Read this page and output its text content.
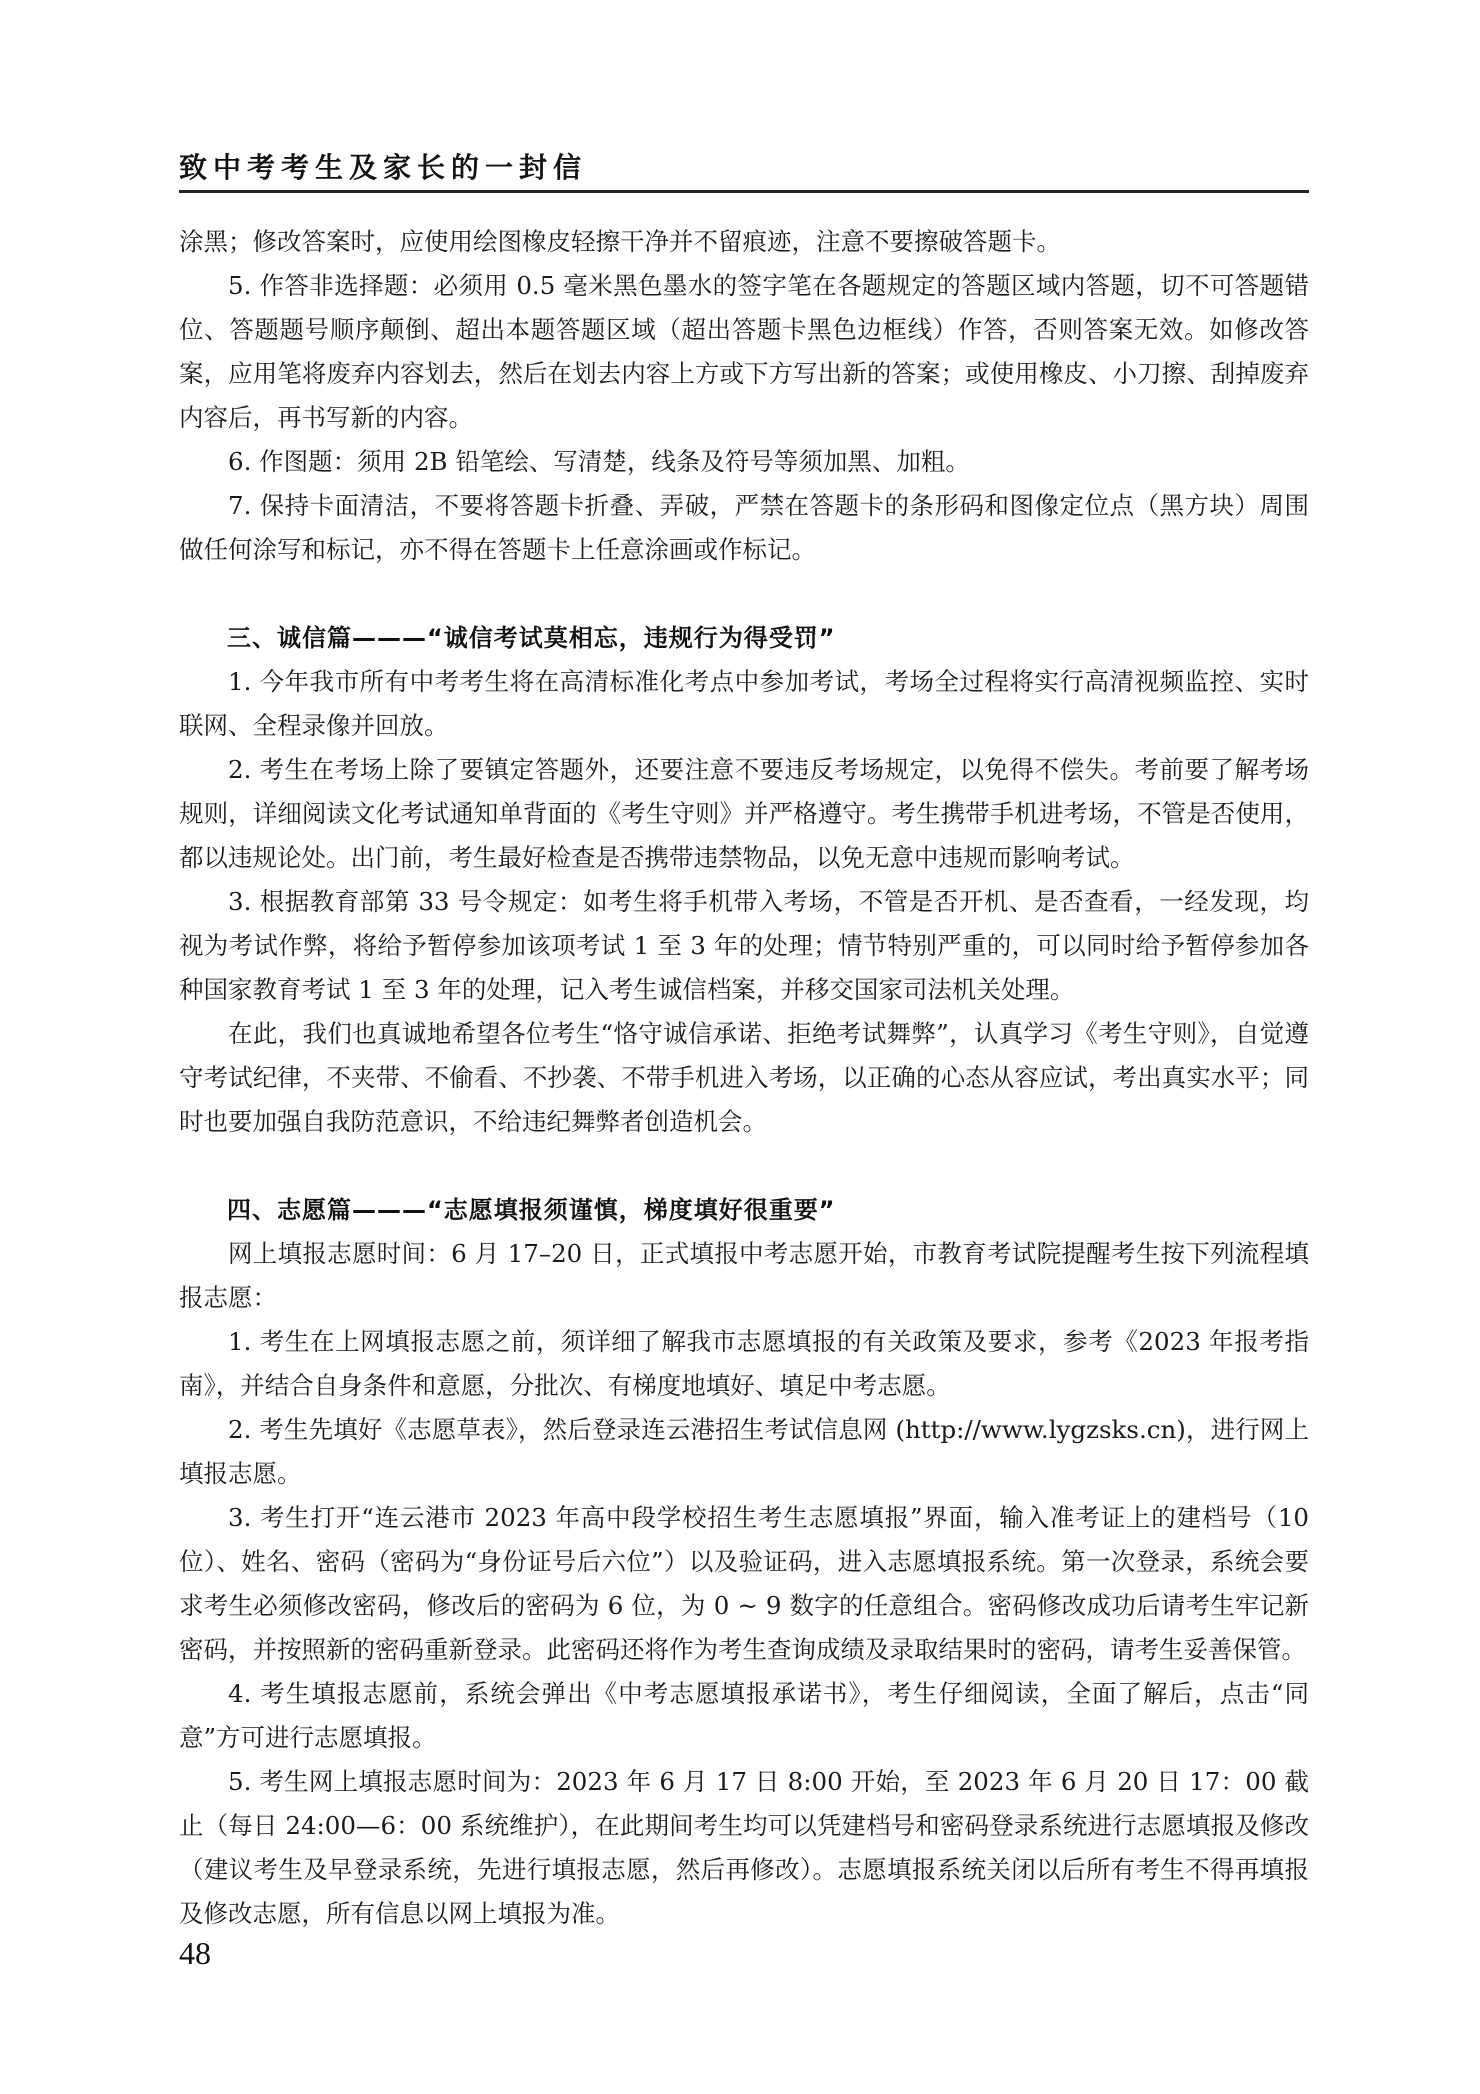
致中考考生及家长的一封信

涂黑；修改答案时，应使用绘图橡皮轻擦干净并不留痕迹，注意不要擦破答题卡。

5. 作答非选择题：必须用 0.5 毫米黑色墨水的签字笔在各题规定的答题区域内答题，切不可答题错位、答题题号顺序颠倒、超出本题答题区域（超出答题卡黑色边框线）作答，否则答案无效。如修改答案，应用笔将废弃内容划去，然后在划去内容上方或下方写出新的答案；或使用橡皮、小刀擦、刮掉废弃内容后，再书写新的内容。

6. 作图题：须用 2B 铅笔绘、写清楚，线条及符号等须加黑、加粗。

7. 保持卡面清洁，不要将答题卡折叠、弄破，严禁在答题卡的条形码和图像定位点（黑方块）周围做任何涂写和标记，亦不得在答题卡上任意涂画或作标记。

三、诚信篇———“诚信考试莫相忘，违规行为得受罚”

1. 今年我市所有中考考生将在高清标准化考点中参加考试，考场全过程将实行高清视频监控、实时联网、全程录像并回放。

2. 考生在考场上除了要镇定答题外，还要注意不要违反考场规定，以免得不偿失。考前要了解考场规则，详细阅读文化考试通知单背面的《考生守则》并严格遵守。考生携带手机进考场，不管是否使用，都以违规论处。出门前，考生最好检查是否携带违禁物品，以免无意中违规而影响考试。

3. 根据教育部第 33 号令规定：如考生将手机带入考场，不管是否开机、是否查看，一经发现，均视为考试作弊，将给予暂停参加该项考试 1 至 3 年的处理；情节特别严重的，可以同时给予暂停参加各种国家教育考试 1 至 3 年的处理，记入考生诚信档案，并移交国家司法机关处理。

在此，我们也真诚地希望各位考生“恪守诚信承诺、拒绝考试舞弊”，认真学习《考生守则》，自觉遵守考试纪律，不夹带、不偷看、不抄袭、不带手机进入考场，以正确的心态从容应试，考出真实水平；同时也要加强自我防范意识，不给违纪舞弊者创造机会。

四、志愿篇———“志愿填报须谨慎，梯度填好很重要”

网上填报志愿时间：6 月 17–20 日，正式填报中考志愿开始，市教育考试院提醒考生按下列流程填报志愿：

1. 考生在上网填报志愿之前，须详细了解我市志愿填报的有关政策及要求，参考《2023 年报考指南》，并结合自身条件和意愿，分批次、有梯度地填好、填足中考志愿。

2. 考生先填好《志愿草表》，然后登录连云港招生考试信息网 (http://www.lygzsks.cn)，进行网上填报志愿。

3. 考生打开“连云港市 2023 年高中段学校招生考生志愿填报”界面，输入准考证上的建档号（10 位）、姓名、密码（密码为“身份证号后六位”）以及验证码，进入志愿填报系统。第一次登录，系统会要求考生必须修改密码，修改后的密码为 6 位，为 0 ~ 9 数字的任意组合。密码修改成功后请考生牢记新密码，并按照新的密码重新登录。此密码还将作为考生查询成绩及录取结果时的密码，请考生妥善保管。

4. 考生填报志愿前，系统会弹出《中考志愿填报承诺书》，考生仔细阅读，全面了解后，点击“同意”方可进行志愿填报。

5. 考生网上填报志愿时间为：2023 年 6 月 17 日 8:00 开始，至 2023 年 6 月 20 日 17：00 截止（每日 24:00—6：00 系统维护），在此期间考生均可以凭建档号和密码登录系统进行志愿填报及修改（建议考生及早登录系统，先进行填报志愿，然后再修改）。志愿填报系统关闭以后所有考生不得再填报及修改志愿，所有信息以网上填报为准。

48
